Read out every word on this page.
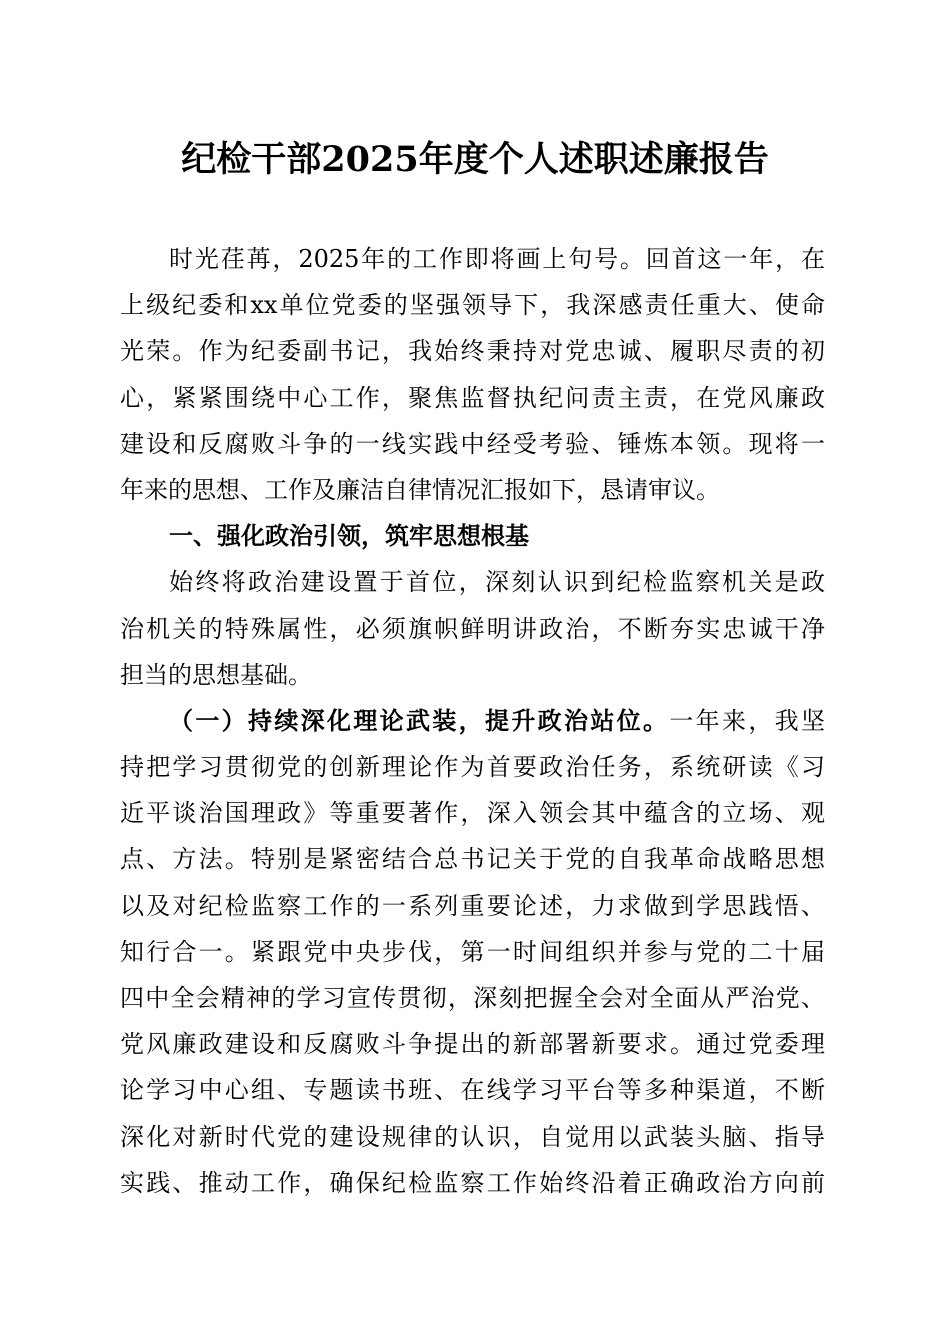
纪检干部2025年度个人述职述廉报告
时光荏苒，2025年的工作即将画上句号。回首这一年，在
上级纪委和xx单位党委的坚强领导下，我深感责任重大、使命
光荣。作为纪委副书记，我始终秉持对党忠诚、履职尽责的初
心，紧紧围绕中心工作，聚焦监督执纪问责主责，在党风廉政
建设和反腐败斗争的一线实践中经受考验、锤炼本领。现将一
年来的思想、工作及廉洁自律情况汇报如下，恳请审议。
一、强化政治引领，筑牢思想根基
始终将政治建设置于首位，深刻认识到纪检监察机关是政
治机关的特殊属性，必须旗帜鲜明讲政治，不断夯实忠诚干净
担当的思想基础。
（一）持续深化理论武装，提升政治站位。一年来，我坚
持把学习贯彻党的创新理论作为首要政治任务，系统研读《习
近平谈治国理政》等重要著作，深入领会其中蕴含的立场、观
点、方法。特别是紧密结合总书记关于党的自我革命战略思想
以及对纪检监察工作的一系列重要论述，力求做到学思践悟、
知行合一。紧跟党中央步伐，第一时间组织并参与党的二十届
四中全会精神的学习宣传贯彻，深刻把握全会对全面从严治党、
党风廉政建设和反腐败斗争提出的新部署新要求。通过党委理
论学习中心组、专题读书班、在线学习平台等多种渠道，不断
深化对新时代党的建设规律的认识，自觉用以武装头脑、指导
实践、推动工作，确保纪检监察工作始终沿着正确政治方向前
